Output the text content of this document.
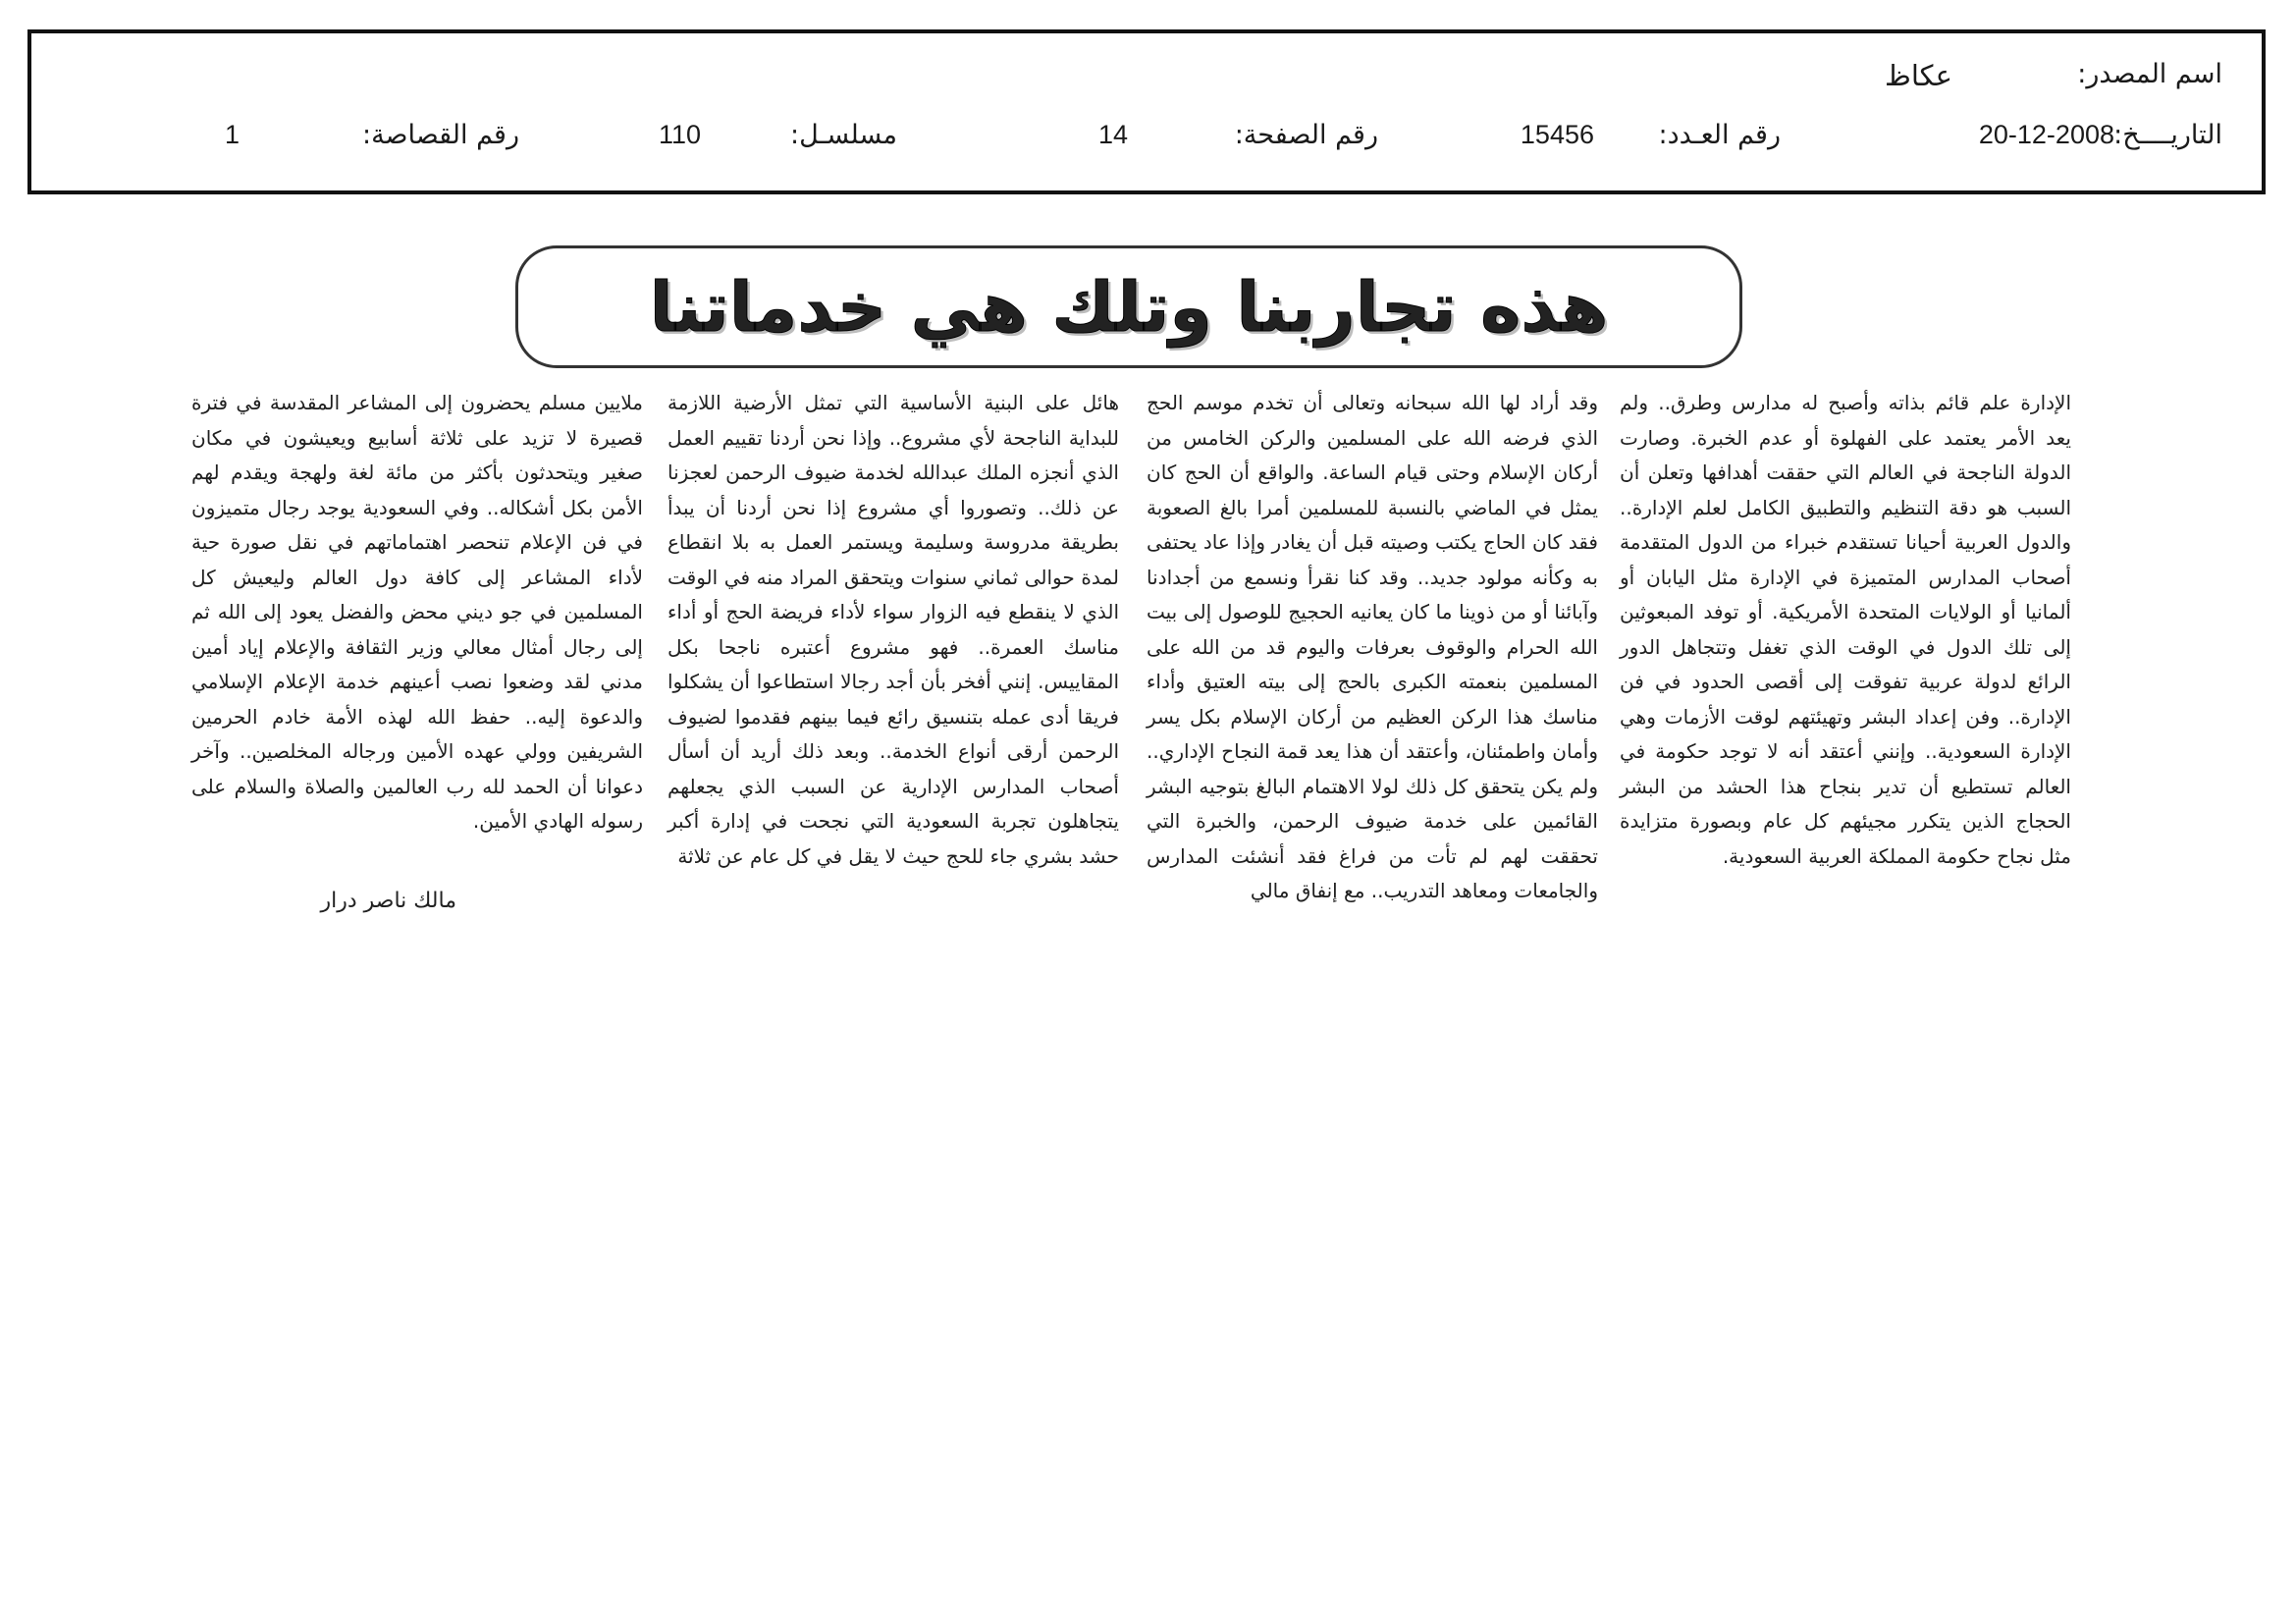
اسم المصدر:
عكاظ
التاريــــخ:
20-12-2008
رقم العـدد:
15456
رقم الصفحة:
14
مسلسـل:
110
رقم القصاصة:
1
هذه تجاربنا وتلك هي خدماتنا

الإدارة علم قائم بذاته وأصبح له مدارس وطرق.. ولم يعد الأمر يعتمد على الفهلوة أو عدم الخبرة. وصارت الدولة الناجحة في العالم التي حققت أهدافها وتعلن أن السبب هو دقة التنظيم والتطبيق الكامل لعلم الإدارة.. والدول العربية أحيانا تستقدم خبراء من الدول المتقدمة أصحاب المدارس المتميزة في الإدارة مثل اليابان أو ألمانيا أو الولايات المتحدة الأمريكية. أو توفد المبعوثين إلى تلك الدول في الوقت الذي تغفل وتتجاهل الدور الرائع لدولة عربية تفوقت إلى أقصى الحدود في فن الإدارة.. وفن إعداد البشر وتهيئتهم لوقت الأزمات وهي الإدارة السعودية.. وإنني أعتقد أنه لا توجد حكومة في العالم تستطيع أن تدير بنجاح هذا الحشد من البشر الحجاج الذين يتكرر مجيئهم كل عام وبصورة متزايدة مثل نجاح حكومة المملكة العربية السعودية.

وقد أراد لها الله سبحانه وتعالى أن تخدم موسم الحج الذي فرضه الله على المسلمين والركن الخامس من أركان الإسلام وحتى قيام الساعة. والواقع أن الحج كان يمثل في الماضي بالنسبة للمسلمين أمرا بالغ الصعوبة فقد كان الحاج يكتب وصيته قبل أن يغادر وإذا عاد يحتفى به وكأنه مولود جديد.. وقد كنا نقرأ ونسمع من أجدادنا وآبائنا أو من ذوينا ما كان يعانيه الحجيج للوصول إلى بيت الله الحرام والوقوف بعرفات واليوم قد من الله على المسلمين بنعمته الكبرى بالحج إلى بيته العتيق وأداء مناسك هذا الركن العظيم من أركان الإسلام بكل يسر وأمان واطمئنان، وأعتقد أن هذا يعد قمة النجاح الإداري.. ولم يكن يتحقق كل ذلك لولا الاهتمام البالغ بتوجيه البشر القائمين على خدمة ضيوف الرحمن، والخبرة التي تحققت لهم لم تأت من فراغ فقد أنشئت المدارس والجامعات ومعاهد التدريب.. مع إنفاق مالي

هائل على البنية الأساسية التي تمثل الأرضية اللازمة للبداية الناجحة لأي مشروع.. وإذا نحن أردنا تقييم العمل الذي أنجزه الملك عبدالله لخدمة ضيوف الرحمن لعجزنا عن ذلك.. وتصوروا أي مشروع إذا نحن أردنا أن يبدأ بطريقة مدروسة وسليمة ويستمر العمل به بلا انقطاع لمدة حوالى ثماني سنوات ويتحقق المراد منه في الوقت الذي لا ينقطع فيه الزوار سواء لأداء فريضة الحج أو أداء مناسك العمرة.. فهو مشروع أعتبره ناجحا بكل المقاييس. إنني أفخر بأن أجد رجالا استطاعوا أن يشكلوا فريقا أدى عمله بتنسيق رائع فيما بينهم فقدموا لضيوف الرحمن أرقى أنواع الخدمة.. وبعد ذلك أريد أن أسأل أصحاب المدارس الإدارية عن السبب الذي يجعلهم يتجاهلون تجربة السعودية التي نجحت في إدارة أكبر حشد بشري جاء للحج حيث لا يقل في كل عام عن ثلاثة

ملايين مسلم يحضرون إلى المشاعر المقدسة في فترة قصيرة لا تزيد على ثلاثة أسابيع ويعيشون في مكان صغير ويتحدثون بأكثر من مائة لغة ولهجة ويقدم لهم الأمن بكل أشكاله.. وفي السعودية يوجد رجال متميزون في فن الإعلام تنحصر اهتماماتهم في نقل صورة حية لأداء المشاعر إلى كافة دول العالم وليعيش كل المسلمين في جو ديني محض والفضل يعود إلى الله ثم إلى رجال أمثال معالي وزير الثقافة والإعلام إياد أمين مدني لقد وضعوا نصب أعينهم خدمة الإعلام الإسلامي والدعوة إليه.. حفظ الله لهذه الأمة خادم الحرمين الشريفين وولي عهده الأمين ورجاله المخلصين.. وآخر دعوانا أن الحمد لله رب العالمين والصلاة والسلام على رسوله الهادي الأمين.

مالك ناصر درار
